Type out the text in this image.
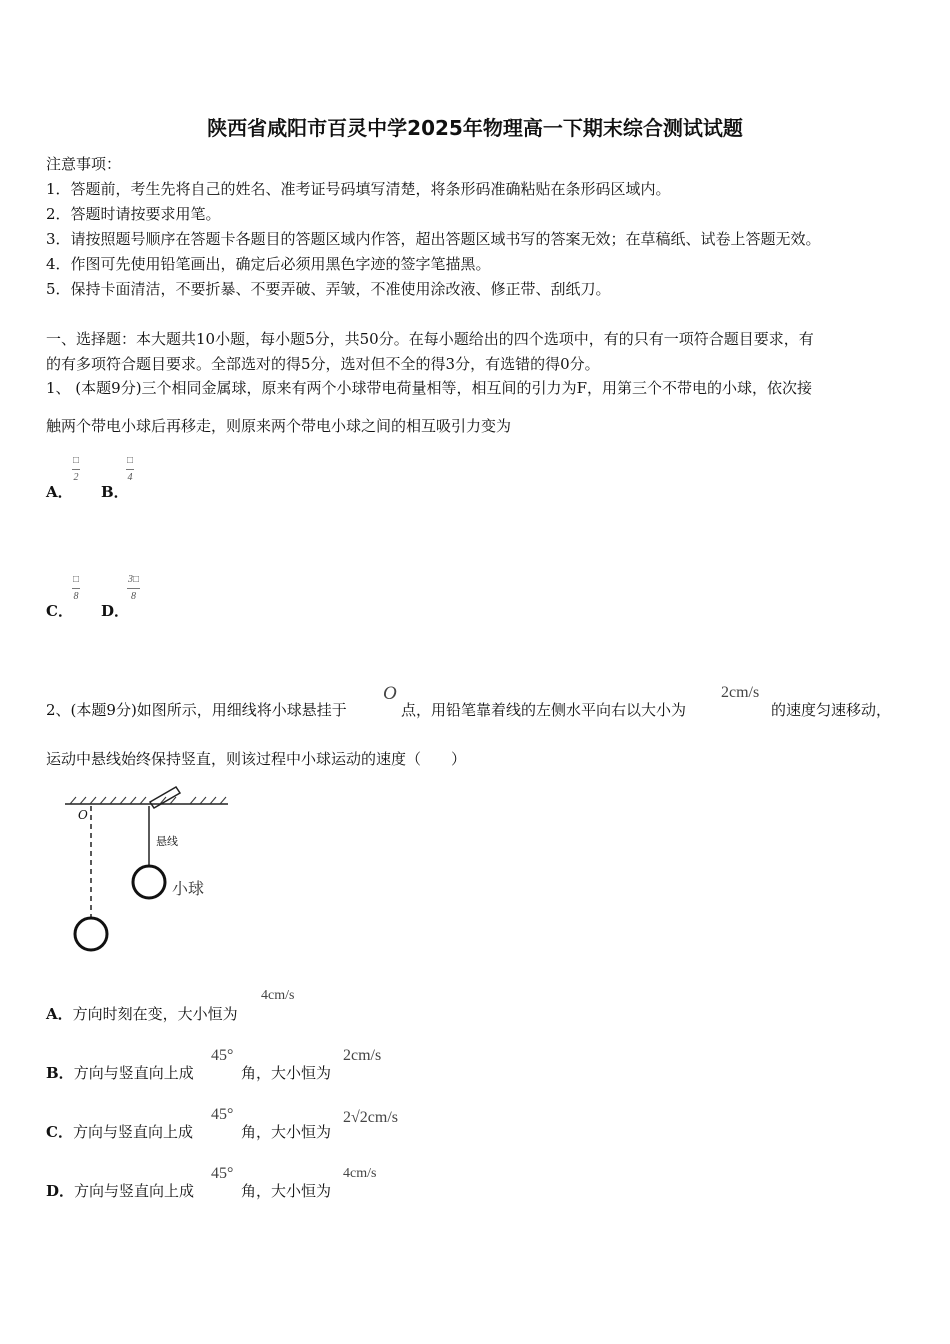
陕西省咸阳市百灵中学2025年物理高一下期末综合测试试题
注意事项：
1．答题前，考生先将自己的姓名、准考证号码填写清楚，将条形码准确粘贴在条形码区域内。
2．答题时请按要求用笔。
3．请按照题号顺序在答题卡各题目的答题区域内作答，超出答题区域书写的答案无效；在草稿纸、试卷上答题无效。
4．作图可先使用铅笔画出，确定后必须用黑色字迹的签字笔描黑。
5．保持卡面清洁，不要折暴、不要弄破、弄皱，不准使用涂改液、修正带、刮纸刀。
一、选择题：本大题共10小题，每小题5分，共50分。在每小题给出的四个选项中，有的只有一项符合题目要求，有
的有多项符合题目要求。全部选对的得5分，选对但不全的得3分，有选错的得0分。
1、 (本题9分)三个相同金属球，原来有两个小球带电荷量相等，相互间的引力为F，用第三个不带电的小球，依次接
触两个带电小球后再移走，则原来两个带电小球之间的相互吸引力变为
A．
□
2
B．
□
4
C．
□
8
D．
$\frac{3□}{8}$
2、(本题9分)如图所示，用细线将小球悬挂于
O
点，用铅笔靠着线的左侧水平向右以大小为
2cm/s
的速度匀速移动，
运动中悬线始终保持竖直，则该过程中小球运动的速度（　　）
O
悬线
小球
A．方向时刻在变，大小恒为
4cm/s
B．方向与竖直向上成
45°
角，大小恒为
2cm/s
C．方向与竖直向上成
45°
角，大小恒为
2√2cm/s
D．方向与竖直向上成
45°
角，大小恒为
4cm/s
